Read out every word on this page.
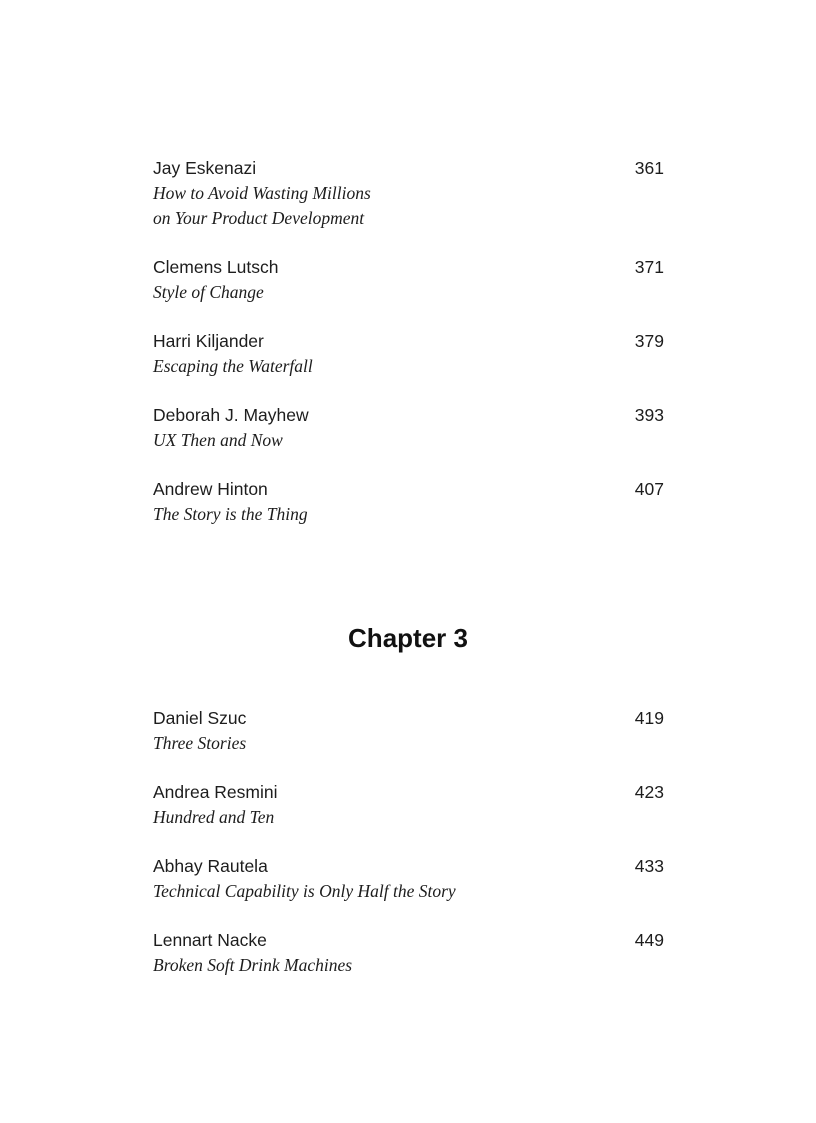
Jay Eskenazi
How to Avoid Wasting Millions
on Your Product Development
361
Clemens Lutsch
Style of Change
371
Harri Kiljander
Escaping the Waterfall
379
Deborah J. Mayhew
UX Then and Now
393
Andrew Hinton
The Story is the Thing
407
Chapter 3
Daniel Szuc
Three Stories
419
Andrea Resmini
Hundred and Ten
423
Abhay Rautela
Technical Capability is Only Half the Story
433
Lennart Nacke
Broken Soft Drink Machines
449
